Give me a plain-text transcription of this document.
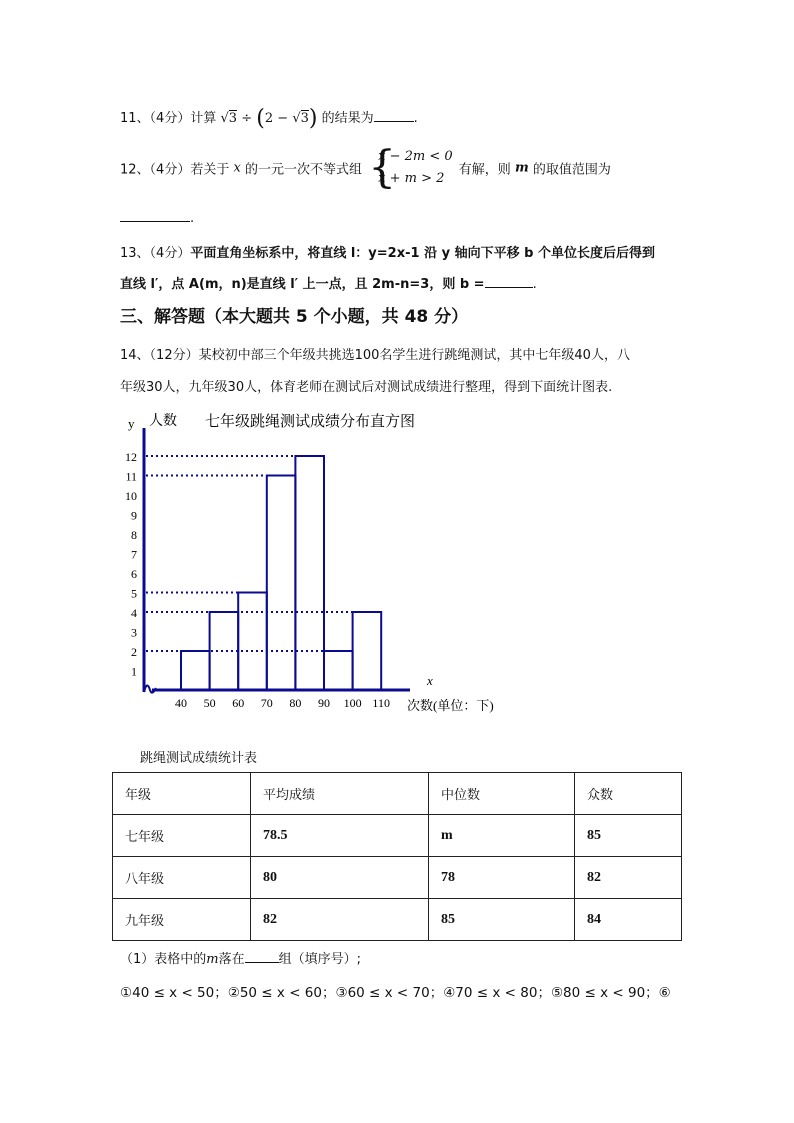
11、（4分）计算 √3 ÷ (2 − √3) 的结果为	.
12、（4分）若关于 x 的一元一次不等式组 {
x − 2m < 0
x + m > 2
有解，则 m 的取值范围为
.
13、（4分）平面直角坐标系中，将直线 l：y=2x-1 沿 y 轴向下平移 b 个单位长度后后得到
直线 l′，点 A(m，n)是直线 l′ 上一点，且 2m-n=3，则 b =	.
三、解答题（本大题共 5 个小题，共 48 分）
14、（12分）某校初中部三个年级共挑选100名学生进行跳绳测试，其中七年级40人，八
年级30人，九年级30人，体育老师在测试后对测试成绩进行整理，得到下面统计图表.
y 人数 七年级跳绳测试成绩分布直方图
x
次数(单位：下)
1
2
3
4
5
6
7
8
9
10
11
12
40 50 60 70 80 90 100 110
跳绳测试成绩统计表
年级	平均成绩	中位数	众数
七年级	78.5	m	85
八年级	80	78	82
九年级	82	85	84
（1）表格中的m落在	组（填序号）;
①40 ≤ x < 50；②50 ≤ x < 60；③60 ≤ x < 70；④70 ≤ x < 80；⑤80 ≤ x < 90；⑥
